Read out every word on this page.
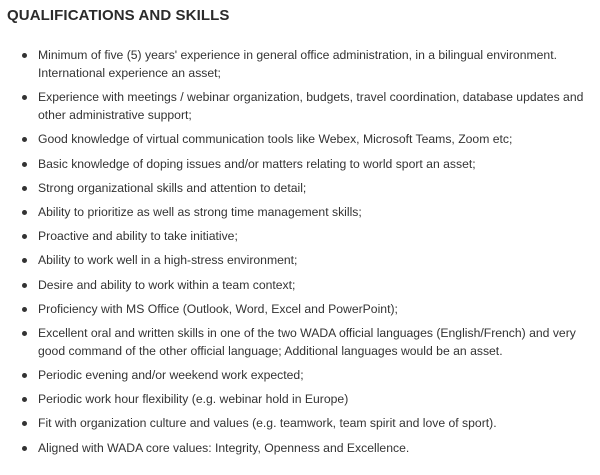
QUALIFICATIONS AND SKILLS
Minimum of five (5) years' experience in general office administration, in a bilingual environment. International experience an asset;
Experience with meetings / webinar organization, budgets, travel coordination, database updates and other administrative support;
Good knowledge of virtual communication tools like Webex, Microsoft Teams, Zoom etc;
Basic knowledge of doping issues and/or matters relating to world sport an asset;
Strong organizational skills and attention to detail;
Ability to prioritize as well as strong time management skills;
Proactive and ability to take initiative;
Ability to work well in a high-stress environment;
Desire and ability to work within a team context;
Proficiency with MS Office (Outlook, Word, Excel and PowerPoint);
Excellent oral and written skills in one of the two WADA official languages (English/French) and very good command of the other official language; Additional languages would be an asset.
Periodic evening and/or weekend work expected;
Periodic work hour flexibility (e.g. webinar hold in Europe)
Fit with organization culture and values (e.g. teamwork, team spirit and love of sport).
Aligned with WADA core values: Integrity, Openness and Excellence.
